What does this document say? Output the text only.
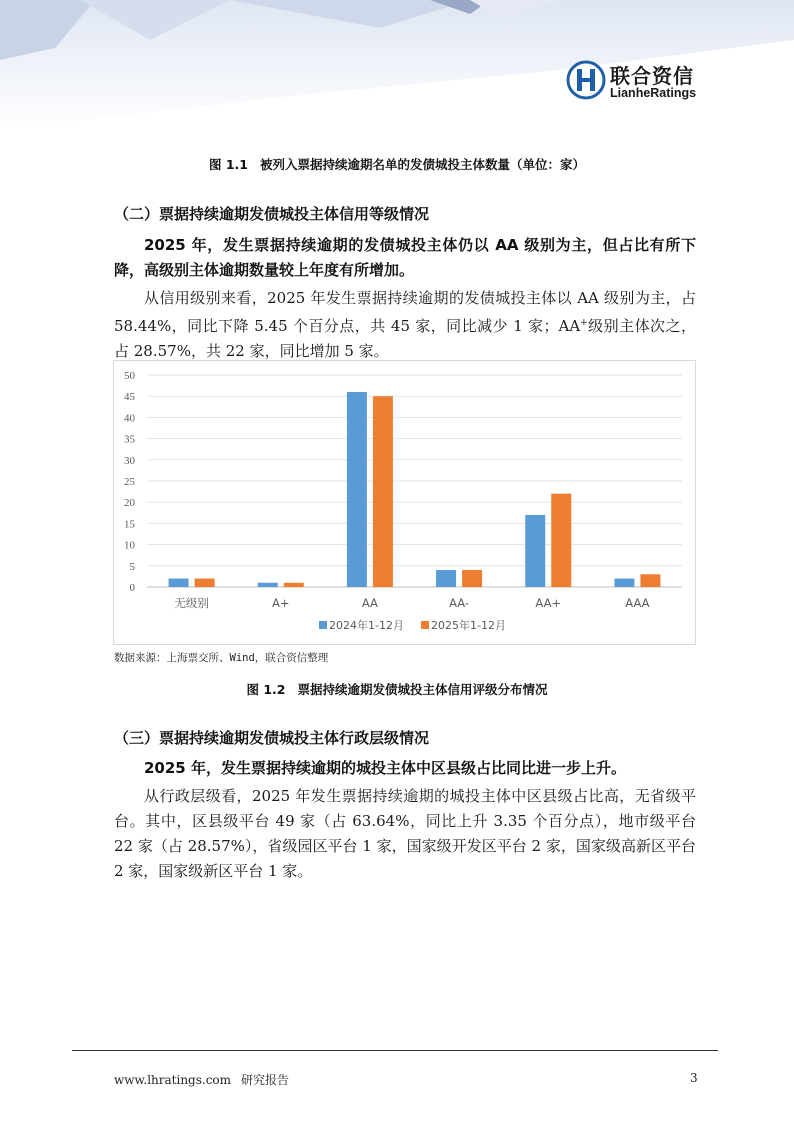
联合资信
LianheRatings
图 1.1 被列入票据持续逾期名单的发债城投主体数量（单位：家）
（二）票据持续逾期发债城投主体信用等级情况
2025 年，发生票据持续逾期的发债城投主体仍以 AA 级别为主，但占比有所下降，高级别主体逾期数量较上年度有所增加。
从信用级别来看，2025 年发生票据持续逾期的发债城投主体以 AA 级别为主，占 58.44%，同比下降 5.45 个百分点，共 45 家，同比减少 1 家；AA+级别主体次之，占 28.57%，共 22 家，同比增加 5 家。
0
5
10
15
20
25
30
35
40
45
50
无级别	A+	AA	AA-	AA+	AAA
2024年1-12月 2025年1-12月
数据来源：上海票交所、Wind，联合资信整理
图 1.2 票据持续逾期发债城投主体信用评级分布情况
（三）票据持续逾期发债城投主体行政层级情况
2025 年，发生票据持续逾期的城投主体中区县级占比同比进一步上升。
从行政层级看，2025 年发生票据持续逾期的城投主体中区县级占比高，无省级平台。其中，区县级平台 49 家（占 63.64%，同比上升 3.35 个百分点），地市级平台 22 家（占 28.57%），省级园区平台 1 家，国家级开发区平台 2 家，国家级高新区平台 2 家，国家级新区平台 1 家。
www.lhratings.com 研究报告	3
